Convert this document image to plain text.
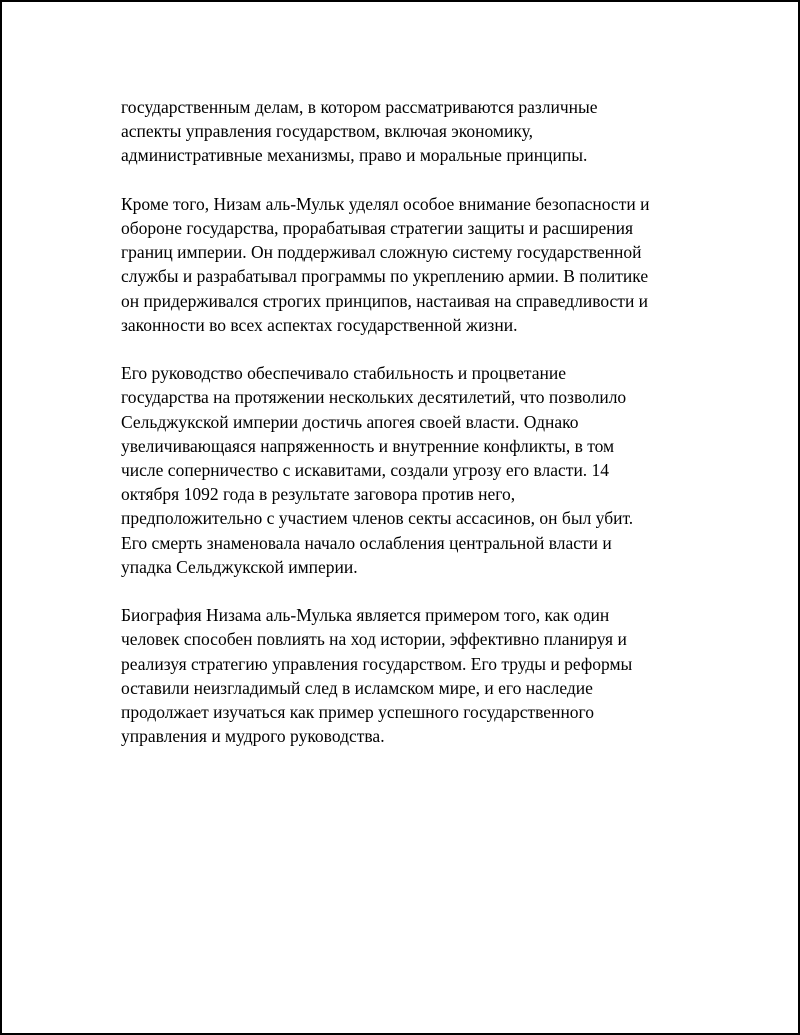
государственным делам, в котором рассматриваются различные
аспекты управления государством, включая экономику,
административные механизмы, право и моральные принципы.
Кроме того, Низам аль-Мульк уделял особое внимание безопасности и
обороне государства, прорабатывая стратегии защиты и расширения
границ империи. Он поддерживал сложную систему государственной
службы и разрабатывал программы по укреплению армии. В политике
он придерживался строгих принципов, настаивая на справедливости и
законности во всех аспектах государственной жизни.
Его руководство обеспечивало стабильность и процветание
государства на протяжении нескольких десятилетий, что позволило
Сельджукской империи достичь апогея своей власти. Однако
увеличивающаяся напряженность и внутренние конфликты, в том
числе соперничество с искавитами, создали угрозу его власти. 14
октября 1092 года в результате заговора против него,
предположительно с участием членов секты ассасинов, он был убит.
Его смерть знаменовала начало ослабления центральной власти и
упадка Сельджукской империи.
Биография Низама аль-Мулька является примером того, как один
человек способен повлиять на ход истории, эффективно планируя и
реализуя стратегию управления государством. Его труды и реформы
оставили неизгладимый след в исламском мире, и его наследие
продолжает изучаться как пример успешного государственного
управления и мудрого руководства.
